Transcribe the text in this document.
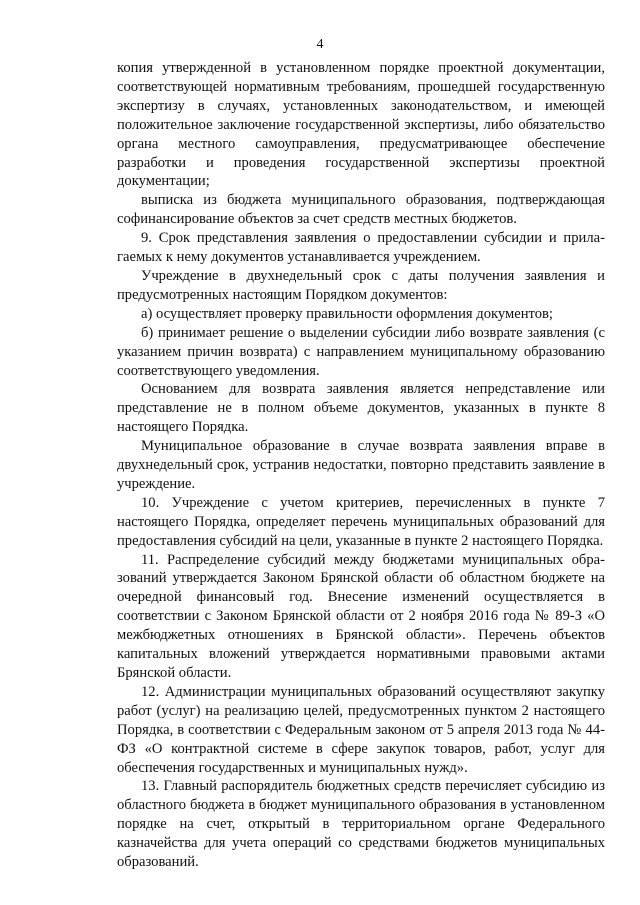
4

копия утвержденной в установленном порядке проектной документации, соответствующей нормативным требованиям, прошедшей государственную экспертизу в случаях, установленных законодательством, и имеющей положительное заключение государственной экспертизы, либо обязательство органа местного самоуправления, предусматривающее обеспечение разработки и проведения государственной экспертизы проектной документации;

выписка из бюджета муниципального образования, подтверждающая софинансирование объектов за счет средств местных бюджетов.

9. Срок представления заявления о предоставлении субсидии и прилагаемых к нему документов устанавливается учреждением.

Учреждение в двухнедельный срок с даты получения заявления и предусмотренных настоящим Порядком документов:

а) осуществляет проверку правильности оформления документов;

б) принимает решение о выделении субсидии либо возврате заявления (с указанием причин возврата) с направлением муниципальному образованию соответствующего уведомления.

Основанием для возврата заявления является непредставление или представление не в полном объеме документов, указанных в пункте 8 настоящего Порядка.

Муниципальное образование в случае возврата заявления вправе в двухнедельный срок, устранив недостатки, повторно представить заявление в учреждение.

10. Учреждение с учетом критериев, перечисленных в пункте 7 настоящего Порядка, определяет перечень муниципальных образований для предоставления субсидий на цели, указанные в пункте 2 настоящего Порядка.

11. Распределение субсидий между бюджетами муниципальных образований утверждается Законом Брянской области об областном бюджете на очередной финансовый год. Внесение изменений осуществляется в соответствии с Законом Брянской области от 2 ноября 2016 года № 89-З «О межбюджетных отношениях в Брянской области». Перечень объектов капитальных вложений утверждается нормативными правовыми актами Брянской области.

12. Администрации муниципальных образований осуществляют закупку работ (услуг) на реализацию целей, предусмотренных пунктом 2 настоящего Порядка, в соответствии с Федеральным законом от 5 апреля 2013 года № 44-ФЗ «О контрактной системе в сфере закупок товаров, работ, услуг для обеспечения государственных и муниципальных нужд».

13. Главный распорядитель бюджетных средств перечисляет субсидию из областного бюджета в бюджет муниципального образования в установленном порядке на счет, открытый в территориальном органе Федерального казначейства для учета операций со средствами бюджетов муниципальных образований.
